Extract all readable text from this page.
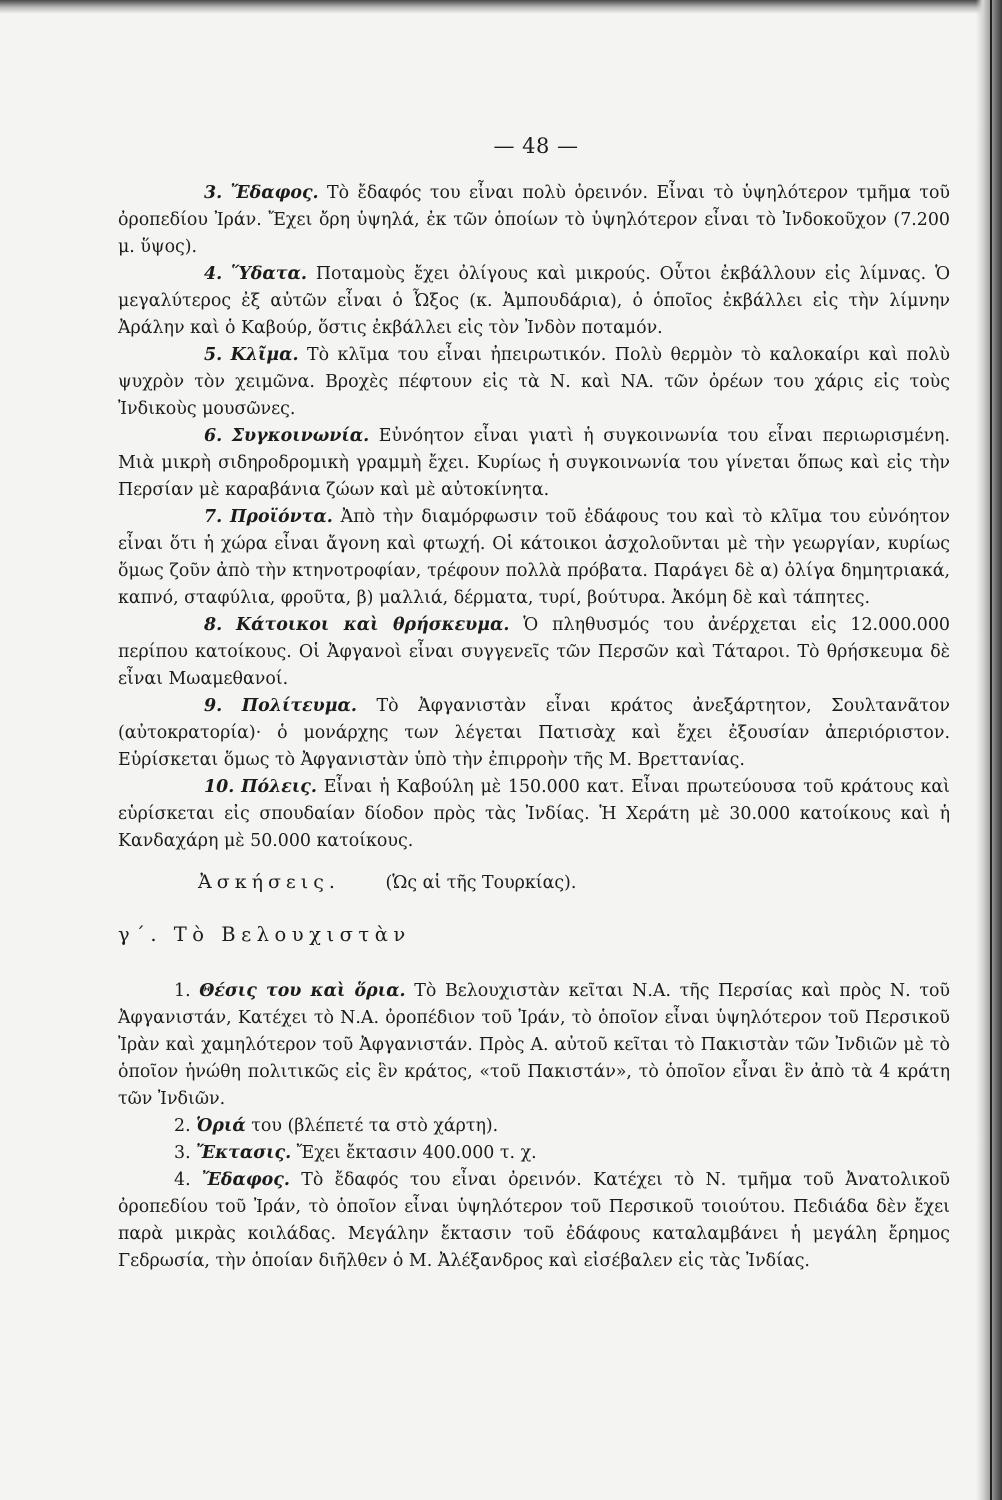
— 48 —

3. Ἔδαφος. Τὸ ἔδαφός του εἶναι πολὺ ὀρεινόν. Εἶναι τὸ ὑψηλότερον τμῆμα τοῦ ὀροπεδίου Ἰράν. Ἔχει ὄρη ὑψηλά, ἐκ τῶν ὁποίων τὸ ὑψηλότερον εἶναι τὸ Ἰνδοκοῦχον (7.200 μ. ὕψος).

4. Ὕδατα. Ποταμοὺς ἔχει ὀλίγους καὶ μικρούς. Οὗτοι ἐκβάλλουν εἰς λίμνας. Ὁ μεγαλύτερος ἐξ αὐτῶν εἶναι ὁ Ὦξος (κ. Ἀμπουδάρια), ὁ ὁποῖος ἐκβάλλει εἰς τὴν λίμνην Ἀράλην καὶ ὁ Καβούρ, ὅστις ἐκβάλλει εἰς τὸν Ἰνδὸν ποταμόν.

5. Κλῖμα. Τὸ κλῖμα του εἶναι ἠπειρωτικόν. Πολὺ θερμὸν τὸ καλοκαίρι καὶ πολὺ ψυχρὸν τὸν χειμῶνα. Βροχὲς πέφτουν εἰς τὰ Ν. καὶ ΝΑ. τῶν ὀρέων του χάρις εἰς τοὺς Ἰνδικοὺς μουσῶνες.

6. Συγκοινωνία. Εὐνόητον εἶναι γιατὶ ἡ συγκοινωνία του εἶναι περιωρισμένη. Μιὰ μικρὴ σιδηροδρομικὴ γραμμὴ ἔχει. Κυρίως ἡ συγκοινωνία του γίνεται ὅπως καὶ εἰς τὴν Περσίαν μὲ καραβάνια ζώων καὶ μὲ αὐτοκίνητα.

7. Προϊόντα. Ἀπὸ τὴν διαμόρφωσιν τοῦ ἐδάφους του καὶ τὸ κλῖμα του εὐνόητον εἶναι ὅτι ἡ χώρα εἶναι ἄγονη καὶ φτωχή. Οἱ κάτοικοι ἀσχολοῦνται μὲ τὴν γεωργίαν, κυρίως ὅμως ζοῦν ἀπὸ τὴν κτηνοτροφίαν, τρέφουν πολλὰ πρόβατα. Παράγει δὲ α) ὀλίγα δημητριακά, καπνό, σταφύλια, φροῦτα, β) μαλλιά, δέρματα, τυρί, βούτυρα. Ἀκόμη δὲ καὶ τάπητες.

8. Κάτοικοι καὶ θρήσκευμα. Ὁ πληθυσμός του ἀνέρχεται εἰς 12.000.000 περίπου κατοίκους. Οἱ Ἀφγανοὶ εἶναι συγγενεῖς τῶν Περσῶν καὶ Τάταροι. Τὸ θρήσκευμα δὲ εἶναι Μωαμεθανοί.

9. Πολίτευμα. Τὸ Ἀφγανιστὰν εἶναι κράτος ἀνεξάρτητον, Σουλτανᾶτον (αὐτοκρατορία)· ὁ μονάρχης των λέγεται Πατισὰχ καὶ ἔχει ἐξουσίαν ἀπεριόριστον. Εὑρίσκεται ὅμως τὸ Ἀφγανιστὰν ὑπὸ τὴν ἐπιρροὴν τῆς Μ. Βρεττανίας.

10. Πόλεις. Εἶναι ἡ Καβούλη μὲ 150.000 κατ. Εἶναι πρωτεύουσα τοῦ κράτους καὶ εὑρίσκεται εἰς σπουδαίαν δίοδον πρὸς τὰς Ἰνδίας. Ἡ Χεράτη μὲ 30.000 κατοίκους καὶ ἡ Κανδαχάρη μὲ 50.000 κατοίκους.

Ἀσκήσεις.	(Ὡς αἱ τῆς Τουρκίας).

γ΄. Τὸ Βελουχιστὰν

1. Θέσις του καὶ ὅρια. Τὸ Βελουχιστὰν κεῖται Ν.Α. τῆς Περσίας καὶ πρὸς Ν. τοῦ Ἀφγανιστάν, Κατέχει τὸ Ν.Α. ὀροπέδιον τοῦ Ἰράν, τὸ ὁποῖον εἶναι ὑψηλότερον τοῦ Περσικοῦ Ἰρὰν καὶ χαμηλότερον τοῦ Ἀφγανιστάν. Πρὸς Α. αὐτοῦ κεῖται τὸ Πακιστὰν τῶν Ἰνδιῶν μὲ τὸ ὁποῖον ἡνώθη πολιτικῶς εἰς ἓν κράτος, «τοῦ Πακιστάν», τὸ ὁποῖον εἶναι ἓν ἀπὸ τὰ 4 κράτη τῶν Ἰνδιῶν.

2. Ὁριά του (βλέπετέ τα στὸ χάρτη).

3. Ἔκτασις. Ἔχει ἔκτασιν 400.000 τ. χ.

4. Ἔδαφος. Τὸ ἔδαφός του εἶναι ὀρεινόν. Κατέχει τὸ Ν. τμῆμα τοῦ Ἀνατολικοῦ ὀροπεδίου τοῦ Ἰράν, τὸ ὁποῖον εἶναι ὑψηλότερον τοῦ Περσικοῦ τοιούτου. Πεδιάδα δὲν ἔχει παρὰ μικρὰς κοιλάδας. Μεγάλην ἔκτασιν τοῦ ἐδάφους καταλαμβάνει ἡ μεγάλη ἔρημος Γεδρωσία, τὴν ὁποίαν διῆλθεν ὁ Μ. Ἀλέξανδρος καὶ εἰσέβαλεν εἰς τὰς Ἰνδίας.
